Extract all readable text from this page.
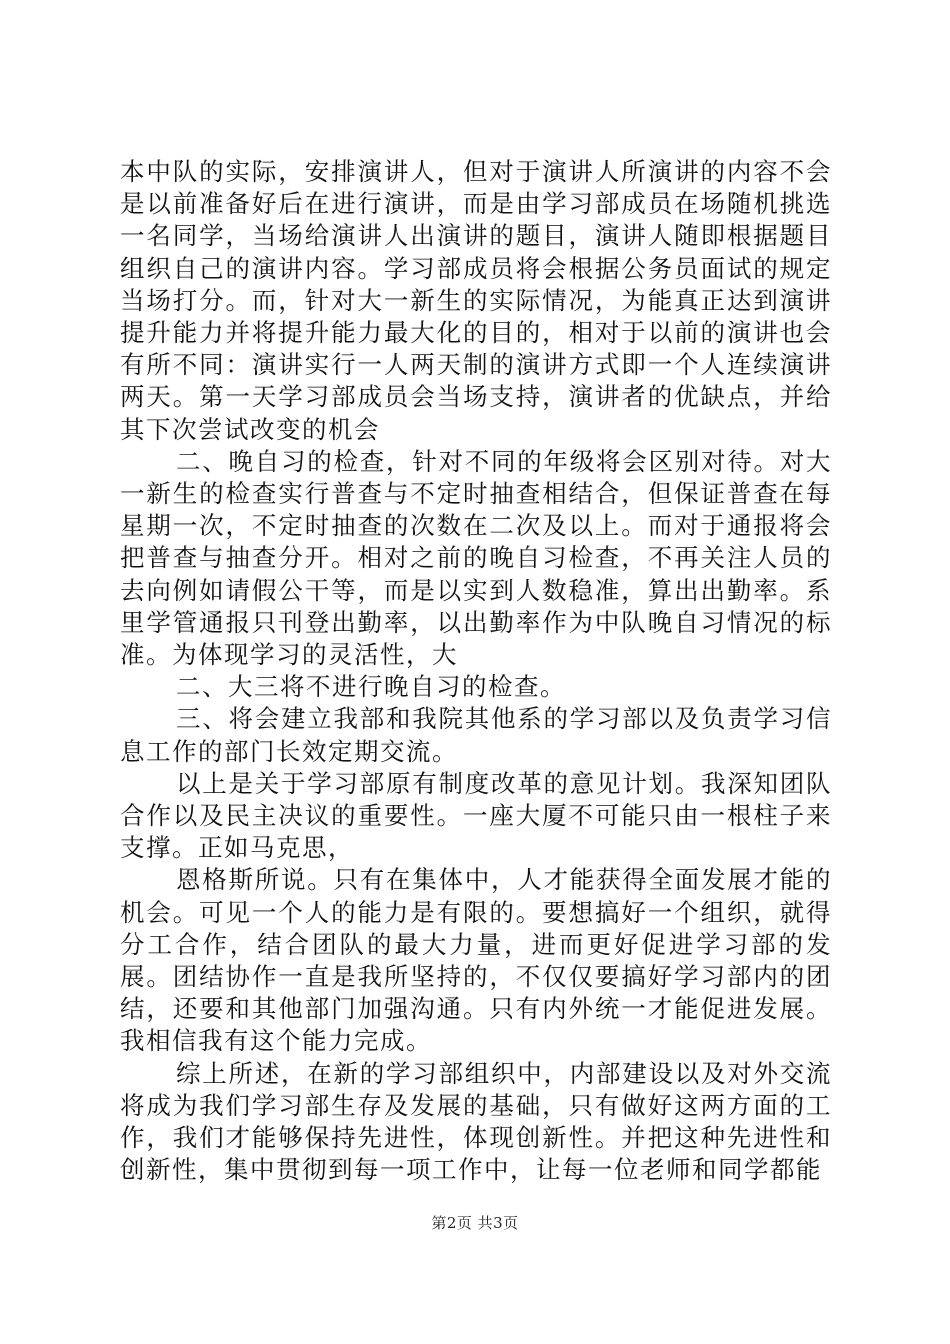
本中队的实际，安排演讲人，但对于演讲人所演讲的内容不会是以前准备好后在进行演讲，而是由学习部成员在场随机挑选一名同学，当场给演讲人出演讲的题目，演讲人随即根据题目组织自己的演讲内容。学习部成员将会根据公务员面试的规定当场打分。而，针对大一新生的实际情况，为能真正达到演讲提升能力并将提升能力最大化的目的，相对于以前的演讲也会有所不同：演讲实行一人两天制的演讲方式即一个人连续演讲两天。第一天学习部成员会当场支持，演讲者的优缺点，并给其下次尝试改变的机会

二、晚自习的检查，针对不同的年级将会区别对待。对大一新生的检查实行普查与不定时抽查相结合，但保证普查在每星期一次，不定时抽查的次数在二次及以上。而对于通报将会把普查与抽查分开。相对之前的晚自习检查，不再关注人员的去向例如请假公干等，而是以实到人数稳准，算出出勤率。系里学管通报只刊登出勤率，以出勤率作为中队晚自习情况的标准。为体现学习的灵活性，大

二、大三将不进行晚自习的检查。

三、将会建立我部和我院其他系的学习部以及负责学习信息工作的部门长效定期交流。

以上是关于学习部原有制度改革的意见计划。我深知团队合作以及民主决议的重要性。一座大厦不可能只由一根柱子来支撑。正如马克思，

恩格斯所说。只有在集体中，人才能获得全面发展才能的机会。可见一个人的能力是有限的。要想搞好一个组织，就得分工合作，结合团队的最大力量，进而更好促进学习部的发展。团结协作一直是我所坚持的，不仅仅要搞好学习部内的团结，还要和其他部门加强沟通。只有内外统一才能促进发展。我相信我有这个能力完成。

综上所述，在新的学习部组织中，内部建设以及对外交流将成为我们学习部生存及发展的基础，只有做好这两方面的工作，我们才能够保持先进性，体现创新性。并把这种先进性和创新性，集中贯彻到每一项工作中，让每一位老师和同学都能

第2页 共3页
